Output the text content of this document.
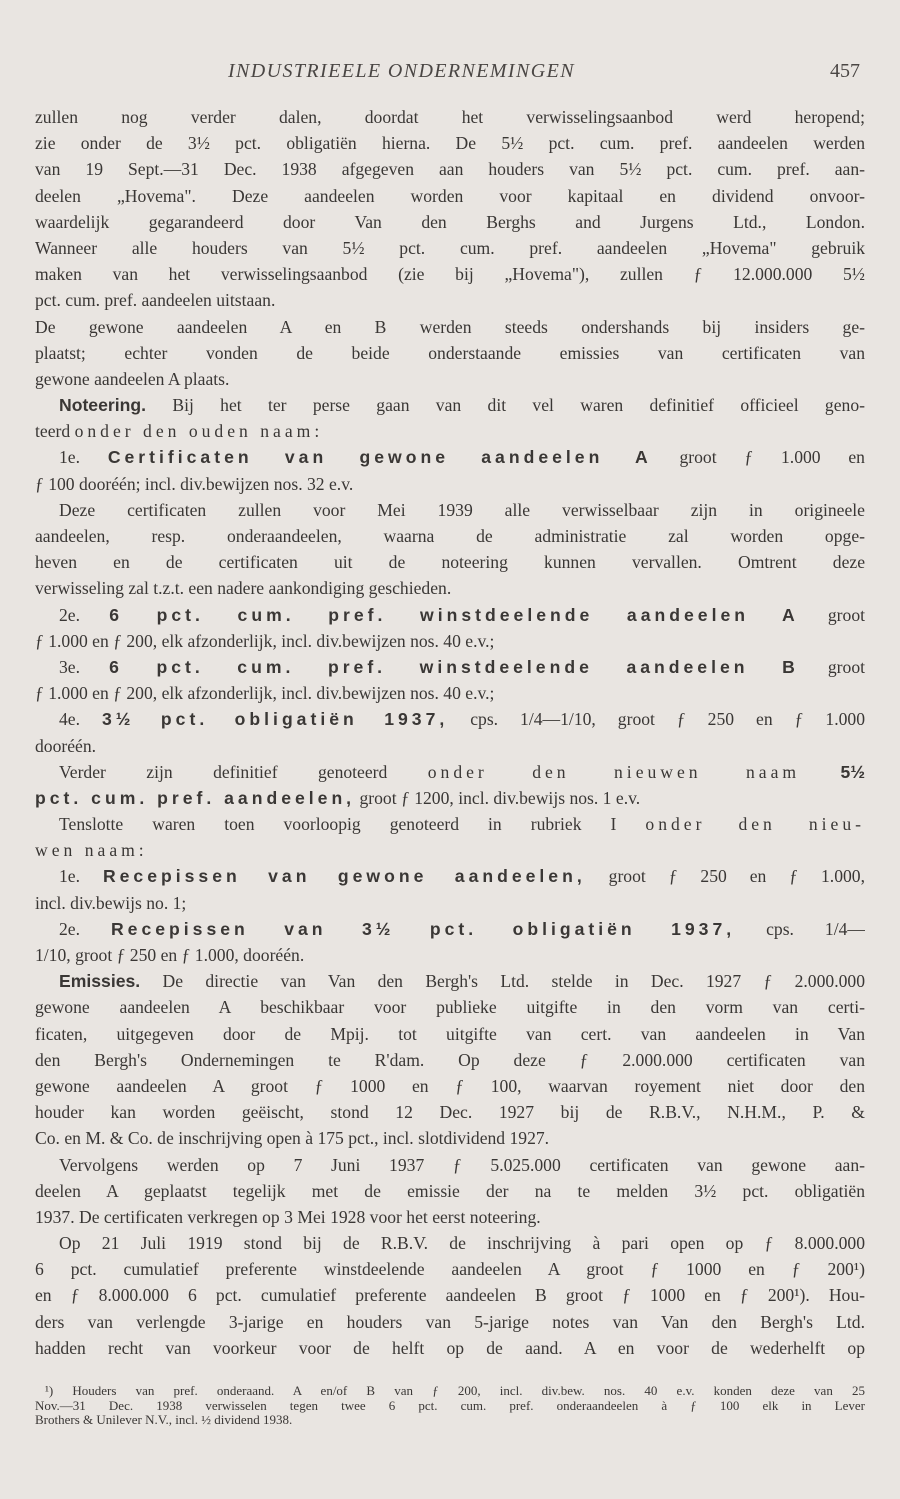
INDUSTRIEELE ONDERNEMINGEN	457
zullen nog verder dalen, doordat het verwisselingsaanbod werd heropend;
zie onder de 3½ pct. obligatiën hierna. De 5½ pct. cum. pref. aandeelen werden
van 19 Sept.—31 Dec. 1938 afgegeven aan houders van 5½ pct. cum. pref. aan-
deelen „Hovema". Deze aandeelen worden voor kapitaal en dividend onvoor-
waardelijk gegarandeerd door Van den Berghs and Jurgens Ltd., London.
Wanneer alle houders van 5½ pct. cum. pref. aandeelen „Hovema" gebruik
maken van het verwisselingsaanbod (zie bij „Hovema"), zullen ƒ 12.000.000 5½
pct. cum. pref. aandeelen uitstaan.
De gewone aandeelen A en B werden steeds ondershands bij insiders ge-
plaatst; echter vonden de beide onderstaande emissies van certificaten van
gewone aandeelen A plaats.
Noteering. Bij het ter perse gaan van dit vel waren definitief officieel geno-
teerd onder den ouden naam:
1e. Certificaten van gewone aandeelen A groot ƒ 1.000 en
ƒ 100 dooréén; incl. div.bewijzen nos. 32 e.v.
Deze certificaten zullen voor Mei 1939 alle verwisselbaar zijn in origineele
aandeelen, resp. onderaandeelen, waarna de administratie zal worden opge-
heven en de certificaten uit de noteering kunnen vervallen. Omtrent deze
verwisseling zal t.z.t. een nadere aankondiging geschieden.
2e. 6 pct. cum. pref. winstdeelende aandeelen A groot
ƒ 1.000 en ƒ 200, elk afzonderlijk, incl. div.bewijzen nos. 40 e.v.;
3e. 6 pct. cum. pref. winstdeelende aandeelen B groot
ƒ 1.000 en ƒ 200, elk afzonderlijk, incl. div.bewijzen nos. 40 e.v.;
4e. 3½ pct. obligatiën 1937, cps. 1/4—1/10, groot ƒ 250 en ƒ 1.000
dooréén.
Verder zijn definitief genoteerd onder den nieuwen naam 5½
pct. cum. pref. aandeelen, groot ƒ 1200, incl. div.bewijs nos. 1 e.v.
Tenslotte waren toen voorloopig genoteerd in rubriek I onder den nieu-
wen naam:
1e. Recepissen van gewone aandeelen, groot ƒ 250 en ƒ 1.000,
incl. div.bewijs no. 1;
2e. Recepissen van 3½ pct. obligatiën 1937, cps. 1/4—
1/10, groot ƒ 250 en ƒ 1.000, dooréén.
Emissies. De directie van Van den Bergh's Ltd. stelde in Dec. 1927 ƒ 2.000.000
gewone aandeelen A beschikbaar voor publieke uitgifte in den vorm van certi-
ficaten, uitgegeven door de Mpij. tot uitgifte van cert. van aandeelen in Van
den Bergh's Ondernemingen te R'dam. Op deze ƒ 2.000.000 certificaten van
gewone aandeelen A groot ƒ 1000 en ƒ 100, waarvan royement niet door den
houder kan worden geëischt, stond 12 Dec. 1927 bij de R.B.V., N.H.M., P. &
Co. en M. & Co. de inschrijving open à 175 pct., incl. slotdividend 1927.
Vervolgens werden op 7 Juni 1937 ƒ 5.025.000 certificaten van gewone aan-
deelen A geplaatst tegelijk met de emissie der na te melden 3½ pct. obligatiën
1937. De certificaten verkregen op 3 Mei 1928 voor het eerst noteering.
Op 21 Juli 1919 stond bij de R.B.V. de inschrijving à pari open op ƒ 8.000.000
6 pct. cumulatief preferente winstdeelende aandeelen A groot ƒ 1000 en ƒ 200¹)
en ƒ 8.000.000 6 pct. cumulatief preferente aandeelen B groot ƒ 1000 en ƒ 200¹). Hou-
ders van verlengde 3-jarige en houders van 5-jarige notes van Van den Bergh's Ltd.
hadden recht van voorkeur voor de helft op de aand. A en voor de wederhelft op
¹) Houders van pref. onderaand. A en/of B van ƒ 200, incl. div.bew. nos. 40 e.v. konden deze van 25
Nov.—31 Dec. 1938 verwisselen tegen twee 6 pct. cum. pref. onderaandeelen à ƒ 100 elk in Lever
Brothers & Unilever N.V., incl. ½ dividend 1938.
